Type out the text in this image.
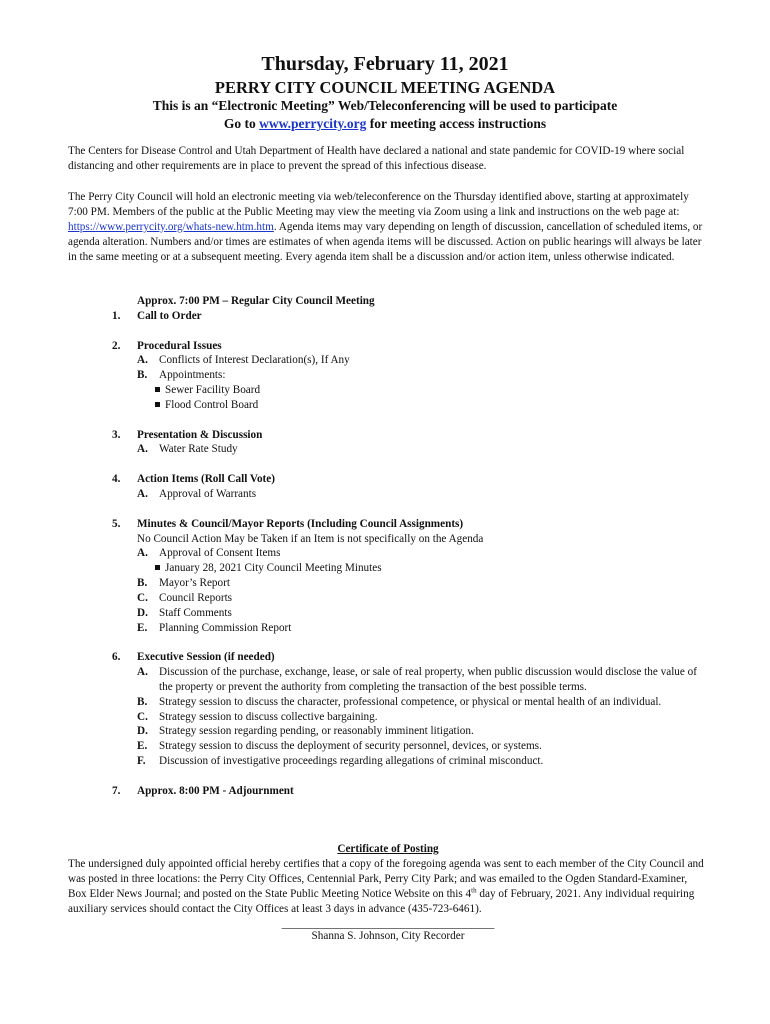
Thursday, February 11, 2021
PERRY CITY COUNCIL MEETING AGENDA
This is an “Electronic Meeting” Web/Teleconferencing will be used to participate
Go to www.perrycity.org for meeting access instructions
The Centers for Disease Control and Utah Department of Health have declared a national and state pandemic for COVID-19 where social distancing and other requirements are in place to prevent the spread of this infectious disease.
The Perry City Council will hold an electronic meeting via web/teleconference on the Thursday identified above, starting at approximately 7:00 PM. Members of the public at the Public Meeting may view the meeting via Zoom using a link and instructions on the web page at: https://www.perrycity.org/whats-new.htm.htm. Agenda items may vary depending on length of discussion, cancellation of scheduled items, or agenda alteration. Numbers and/or times are estimates of when agenda items will be discussed. Action on public hearings will always be later in the same meeting or at a subsequent meeting. Every agenda item shall be a discussion and/or action item, unless otherwise indicated.
Approx. 7:00 PM – Regular City Council Meeting
1. Call to Order
2. Procedural Issues
A. Conflicts of Interest Declaration(s), If Any
B. Appointments:
Sewer Facility Board
Flood Control Board
3. Presentation & Discussion
A. Water Rate Study
4. Action Items (Roll Call Vote)
A. Approval of Warrants
5. Minutes & Council/Mayor Reports (Including Council Assignments)
No Council Action May be Taken if an Item is not specifically on the Agenda
A. Approval of Consent Items
January 28, 2021 City Council Meeting Minutes
B. Mayor’s Report
C. Council Reports
D. Staff Comments
E. Planning Commission Report
6. Executive Session (if needed)
A. Discussion of the purchase, exchange, lease, or sale of real property, when public discussion would disclose the value of the property or prevent the authority from completing the transaction of the best possible terms.
B. Strategy session to discuss the character, professional competence, or physical or mental health of an individual.
C. Strategy session to discuss collective bargaining.
D. Strategy session regarding pending, or reasonably imminent litigation.
E. Strategy session to discuss the deployment of security personnel, devices, or systems.
F. Discussion of investigative proceedings regarding allegations of criminal misconduct.
7. Approx. 8:00 PM - Adjournment
Certificate of Posting
The undersigned duly appointed official hereby certifies that a copy of the foregoing agenda was sent to each member of the City Council and was posted in three locations: the Perry City Offices, Centennial Park, Perry City Park; and was emailed to the Ogden Standard-Examiner, Box Elder News Journal; and posted on the State Public Meeting Notice Website on this 4th day of February, 2021. Any individual requiring auxiliary services should contact the City Offices at least 3 days in advance (435-723-6461).
______________________________________
Shanna S. Johnson, City Recorder
